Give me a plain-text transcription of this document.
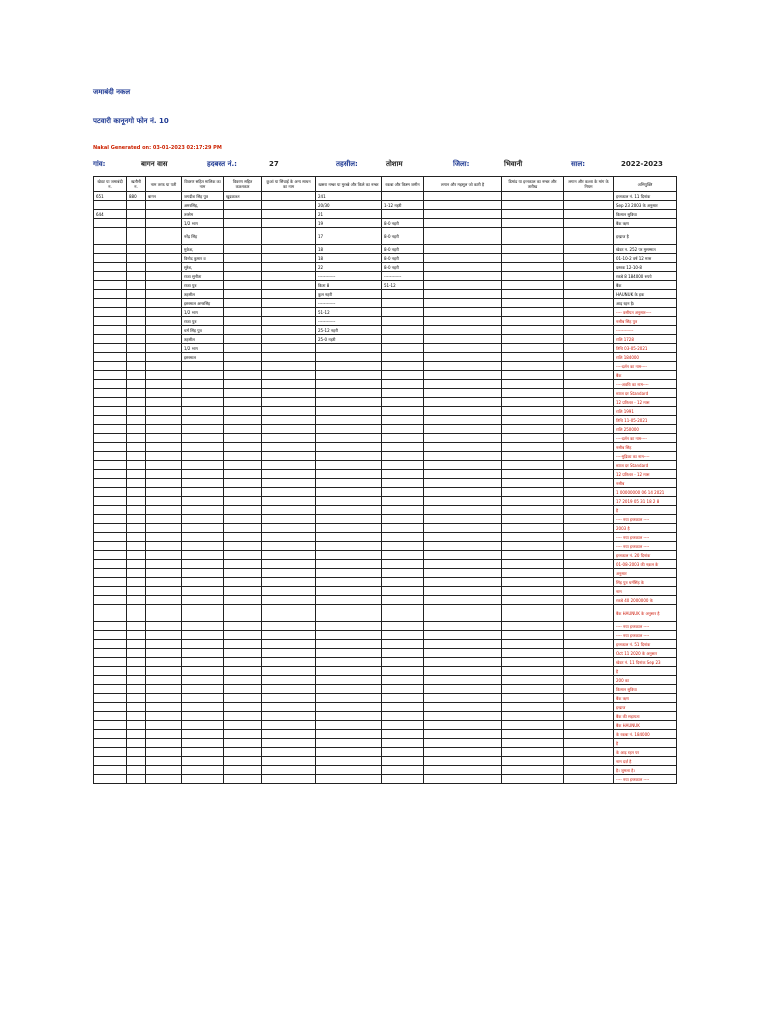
जमाबंदी नकल
पटवारी कानूनगो फोन नं. 10
Nakal Generated on: 03-01-2023 02:17:29 PM
गांव:	बागन वास	हदबस्त नं.:	27	तहसील:	तोशाम	जिला:	भिवानी	साल:	2022-2023
खेवट या जमाबंदी न.	खतौनी न.	नाम तरफ या पती	विवरण सहित मालिक का नाम	विवरण सहित काश्तकार	कुआं या सिंचाई के अन्य साधन का नाम	खसरा नम्बर या मुरब्बे और किले का नम्बर	रकबा और किस्म जमीन	लगान और महसूल जो कारी है	डिमांड या इन्तकाल का नम्बर और तारीख	लगान और कश्ता के मांग के नियम	अभियुक्ति
651	880	बागन	जगदीश सिंह पुत्र	खुदकाश्त		241					इन्तकाल नं. 11 दिनांक
			अमरसिंह,			20/30	1-12 नहरी				Sep 23 2003 के अनुसार
644			तरसेम			21					किसान सुविधा
			1/2 भाग			19	8-0 नहरी				बैंक ऋण
			नरेंद्र सिंह			17	8-0 नहरी				इन्द्राज है
			मुकेश,			18	8-0 नहरी				खेवट न. 252 पर मुसम्मात
			विनोद कुमार व			18	8-0 नहरी				01-10-2 वर्ष 12 मास
			सुरेश,			22	8-0 नहरी				दस्तक 12-10-8
			राजा सुनीता			------------	------------				रकबे 8 184000 रुपये
			राजा पुत्र			किता 8	51-12				बैंक
			तहसील			कुल नहरी					HAUNUK के हक
			इस्तमाल अमरसिंह			------------					आड़ रहन है।
			1/2 भाग			51-12					---- वसीयत अनुसार----
			राजा पुत्र			------------					नसीब सिंह पुत्र
			धर्म सिंह पुत्र			25-12 नहरी					------------
			तहसील			25-0 नहरी					राशि 1728
			1/2 भाग								तिथि 03-05-2021
			इस्तमाल								राशि 184000
											----दर्शन का नाम----
											बैंक
											----अवधि का नाम----
											ब्याज दर Standard
											12 प्रतिशत - 12 मास
											राशि 1991
											तिथि 11-05-2021
											राशि 250000
											----दर्शन का नाम----
											नसीब सिंह
											----मुद्रिका का नाम----
											ब्याज दर Standard
											12 प्रतिशत - 12 मास
											नसीब
											1 00000000 06 14 2021
											17 2019 05 31 18 2 8
											है
											---- नया इन्तकाल ----
											2003 है
											---- नया इन्तकाल ----
											---- नया इन्तकाल ----
											इन्तकाल नं. 20 दिनांक
											01-08-2003 की नक़ल के
											अनुसार
											सिंह पुत्र धर्मसिंह के
											नाम
											रकबे 40 2000000 के
											बैंक HAUNUK के अनुसार है
											---- नया इन्तकाल ----
											---- नया इन्तकाल ----
											इन्तकाल नं. 51 दिनांक
											Oct 11 2020 के अनुसार
											खेवट नं. 11 दिनांक Sep 23
											है
											200 का
											किसान सुविधा
											बैंक ऋण
											इन्द्राज
											बैंक की सहायता
											बैंक HAUNUK
											के रकबा नं. 184000
											है
											के आड़ रहन पर
											नाम दर्ज़ है
											है। जुमला है।
											---- नया इन्तकाल ----
